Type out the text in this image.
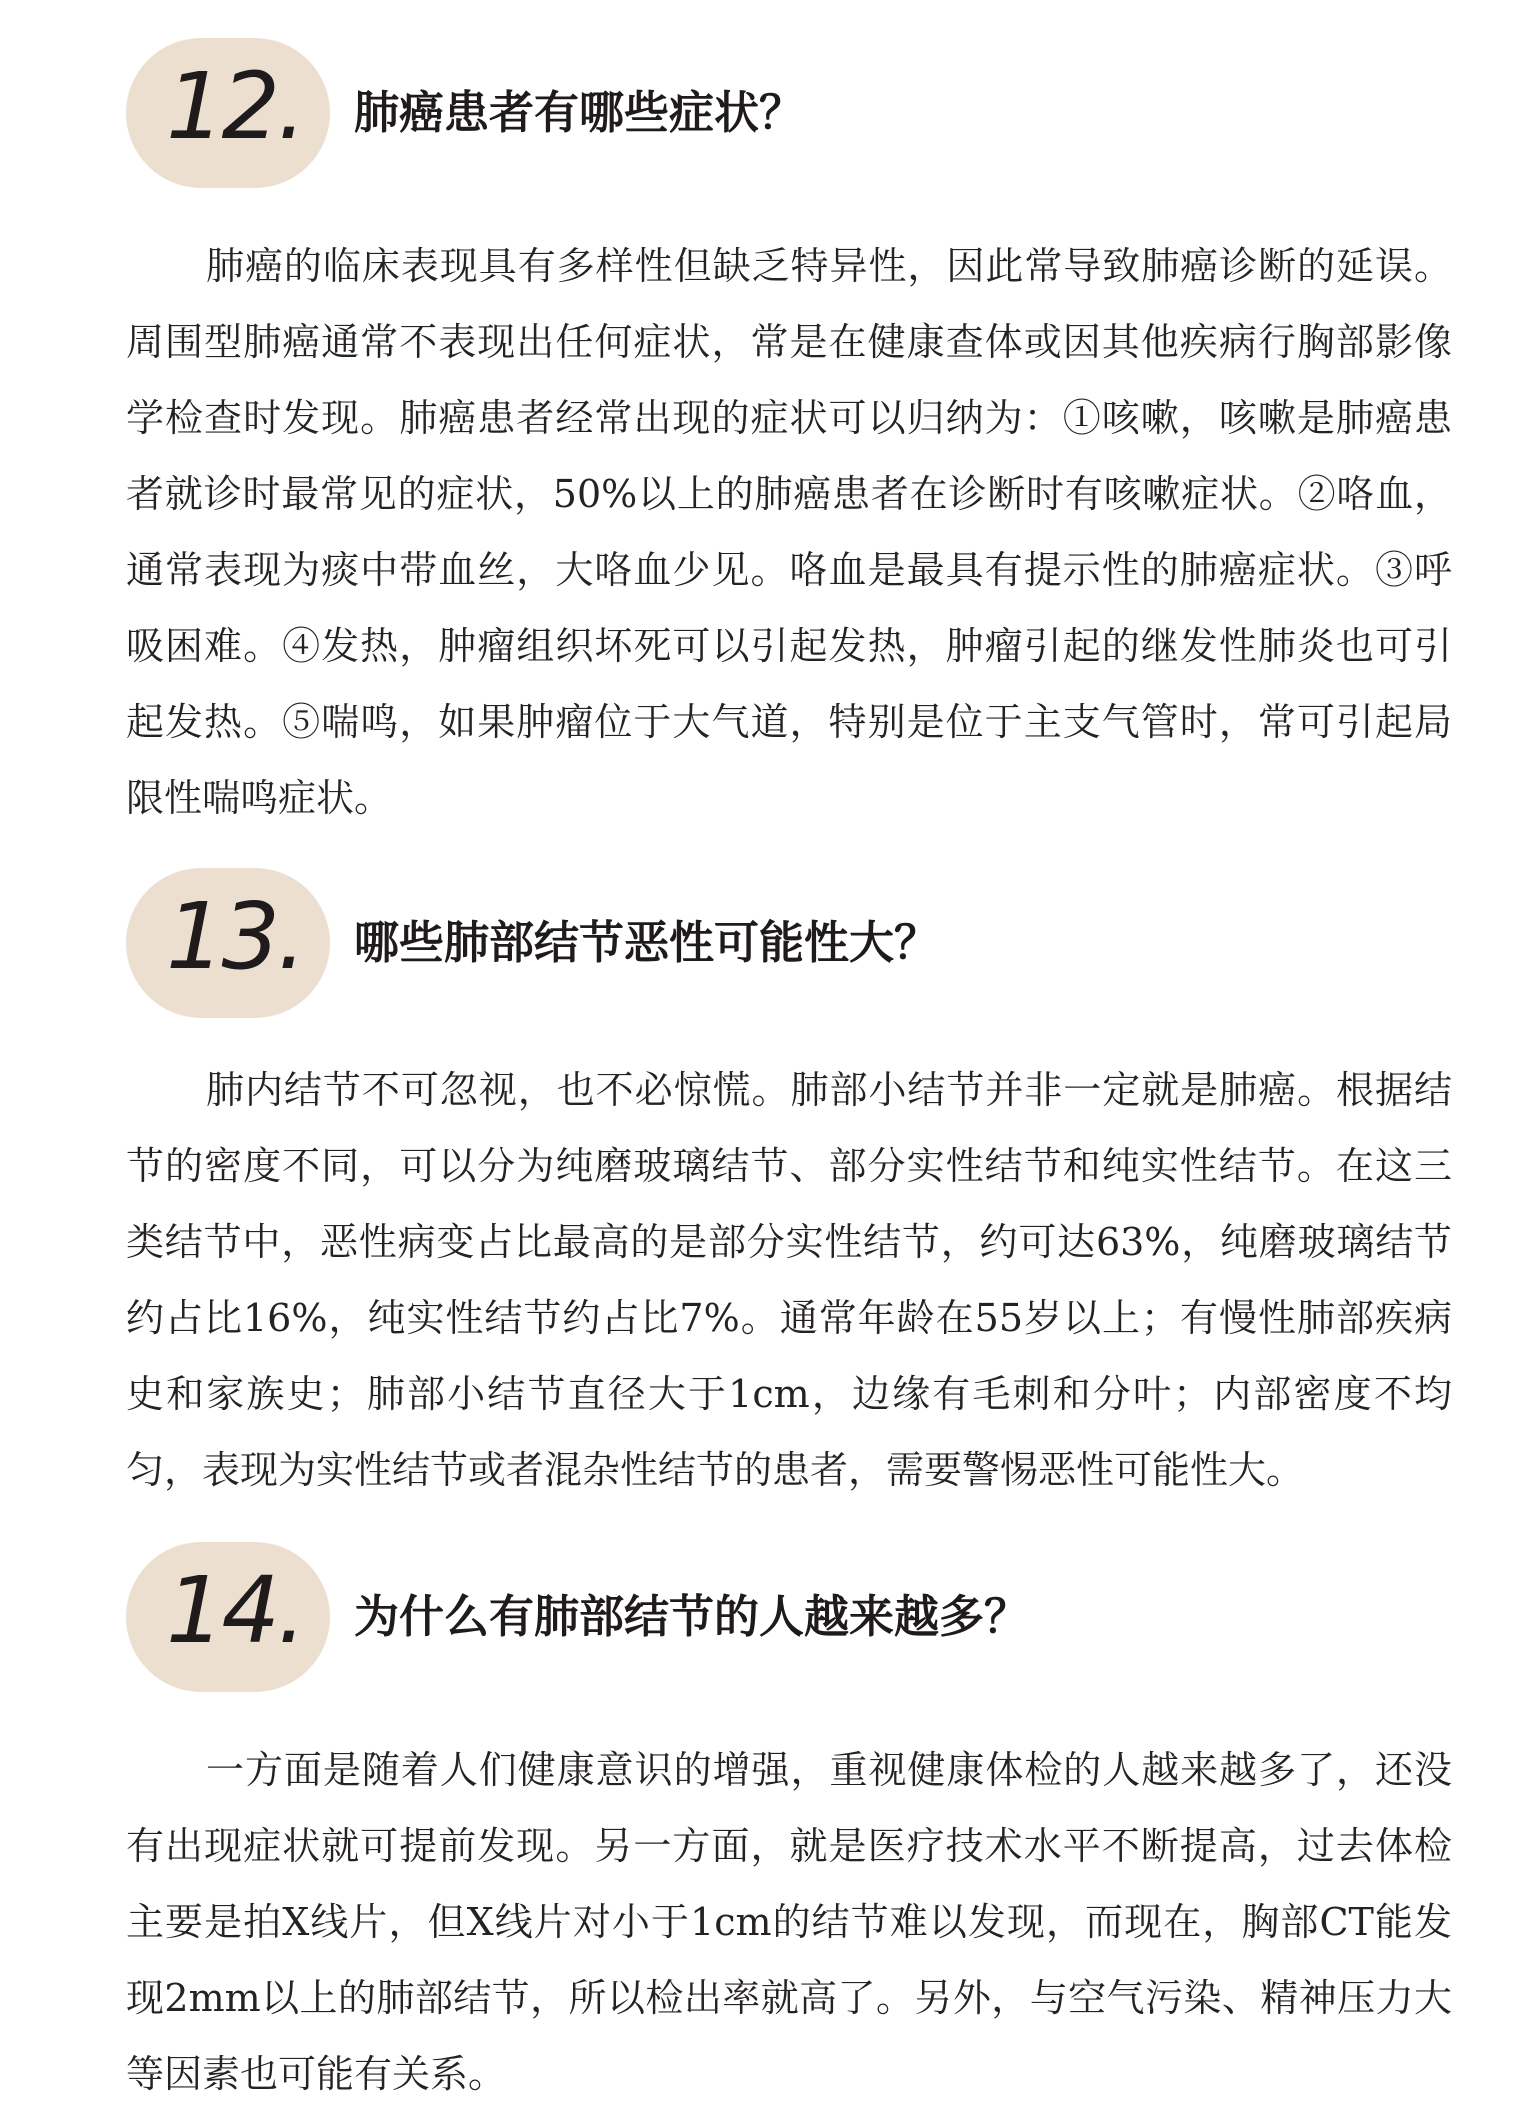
12. 肺癌患者有哪些症状？

肺癌的临床表现具有多样性但缺乏特异性，因此常导致肺癌诊断的延误。周围型肺癌通常不表现出任何症状，常是在健康查体或因其他疾病行胸部影像学检查时发现。肺癌患者经常出现的症状可以归纳为：①咳嗽，咳嗽是肺癌患者就诊时最常见的症状，50%以上的肺癌患者在诊断时有咳嗽症状。②咯血，通常表现为痰中带血丝，大咯血少见。咯血是最具有提示性的肺癌症状。③呼吸困难。④发热，肿瘤组织坏死可以引起发热，肿瘤引起的继发性肺炎也可引起发热。⑤喘鸣，如果肿瘤位于大气道，特别是位于主支气管时，常可引起局限性喘鸣症状。

13. 哪些肺部结节恶性可能性大？

肺内结节不可忽视，也不必惊慌。肺部小结节并非一定就是肺癌。根据结节的密度不同，可以分为纯磨玻璃结节、部分实性结节和纯实性结节。在这三类结节中，恶性病变占比最高的是部分实性结节，约可达63%，纯磨玻璃结节约占比16%，纯实性结节约占比7%。通常年龄在55岁以上；有慢性肺部疾病史和家族史；肺部小结节直径大于1cm，边缘有毛刺和分叶；内部密度不均匀，表现为实性结节或者混杂性结节的患者，需要警惕恶性可能性大。

14. 为什么有肺部结节的人越来越多？

一方面是随着人们健康意识的增强，重视健康体检的人越来越多了，还没有出现症状就可提前发现。另一方面，就是医疗技术水平不断提高，过去体检主要是拍X线片，但X线片对小于1cm的结节难以发现，而现在，胸部CT能发现2mm以上的肺部结节，所以检出率就高了。另外，与空气污染、精神压力大等因素也可能有关系。
